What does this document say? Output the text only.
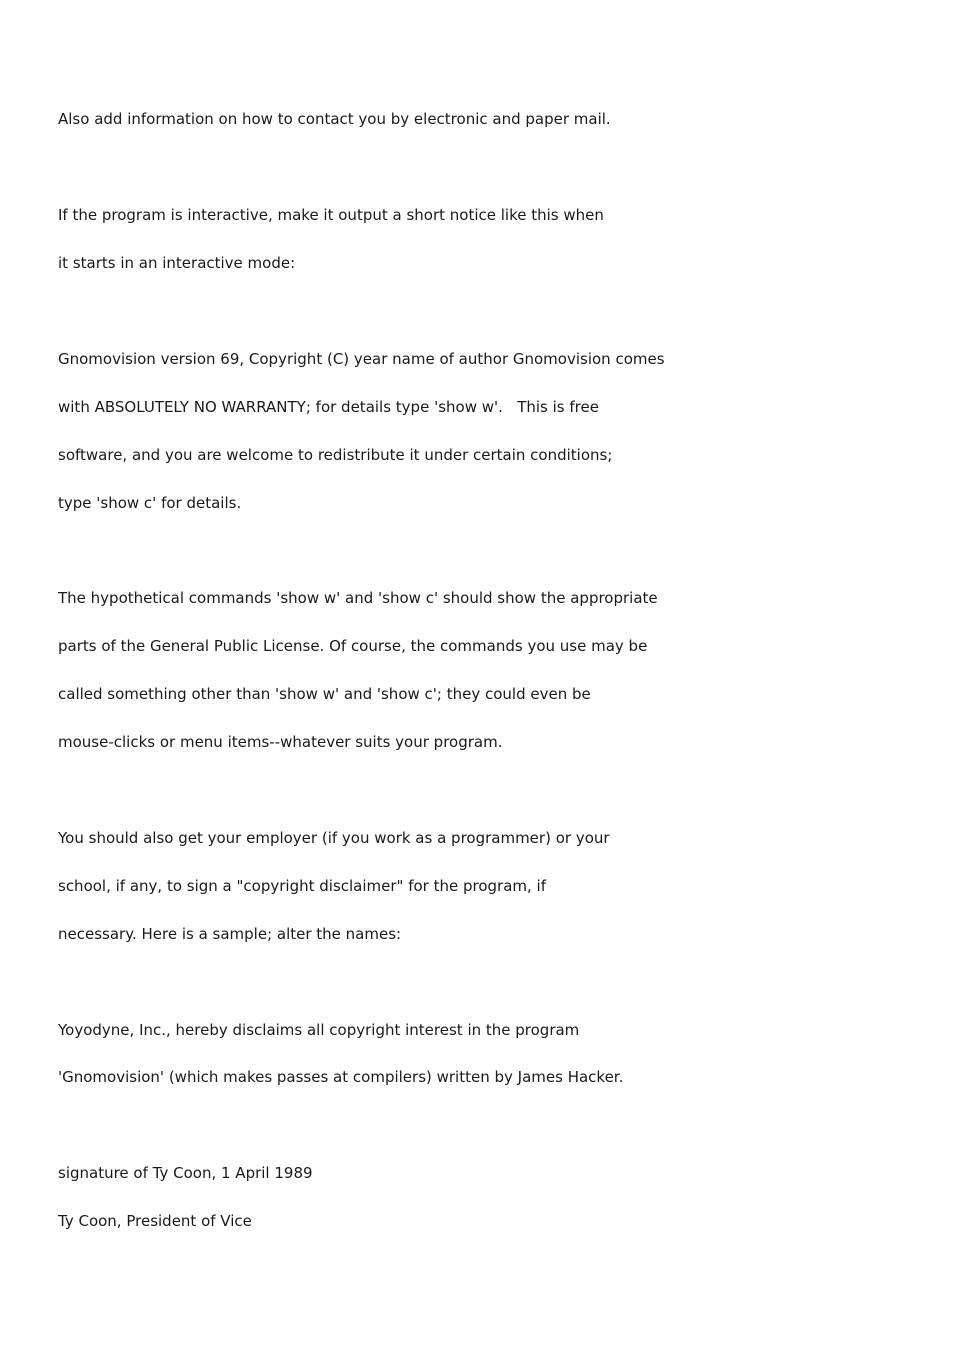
Also add information on how to contact you by electronic and paper mail.

If the program is interactive, make it output a short notice like this when

it starts in an interactive mode:

Gnomovision version 69, Copyright (C) year name of author Gnomovision comes

with ABSOLUTELY NO WARRANTY; for details type 'show w'.   This is free

software, and you are welcome to redistribute it under certain conditions;

type 'show c' for details.

The hypothetical commands 'show w' and 'show c' should show the appropriate

parts of the General Public License. Of course, the commands you use may be

called something other than 'show w' and 'show c'; they could even be

mouse-clicks or menu items--whatever suits your program.

You should also get your employer (if you work as a programmer) or your

school, if any, to sign a "copyright disclaimer" for the program, if

necessary. Here is a sample; alter the names:

Yoyodyne, Inc., hereby disclaims all copyright interest in the program

'Gnomovision' (which makes passes at compilers) written by James Hacker.

signature of Ty Coon, 1 April 1989

Ty Coon, President of Vice
